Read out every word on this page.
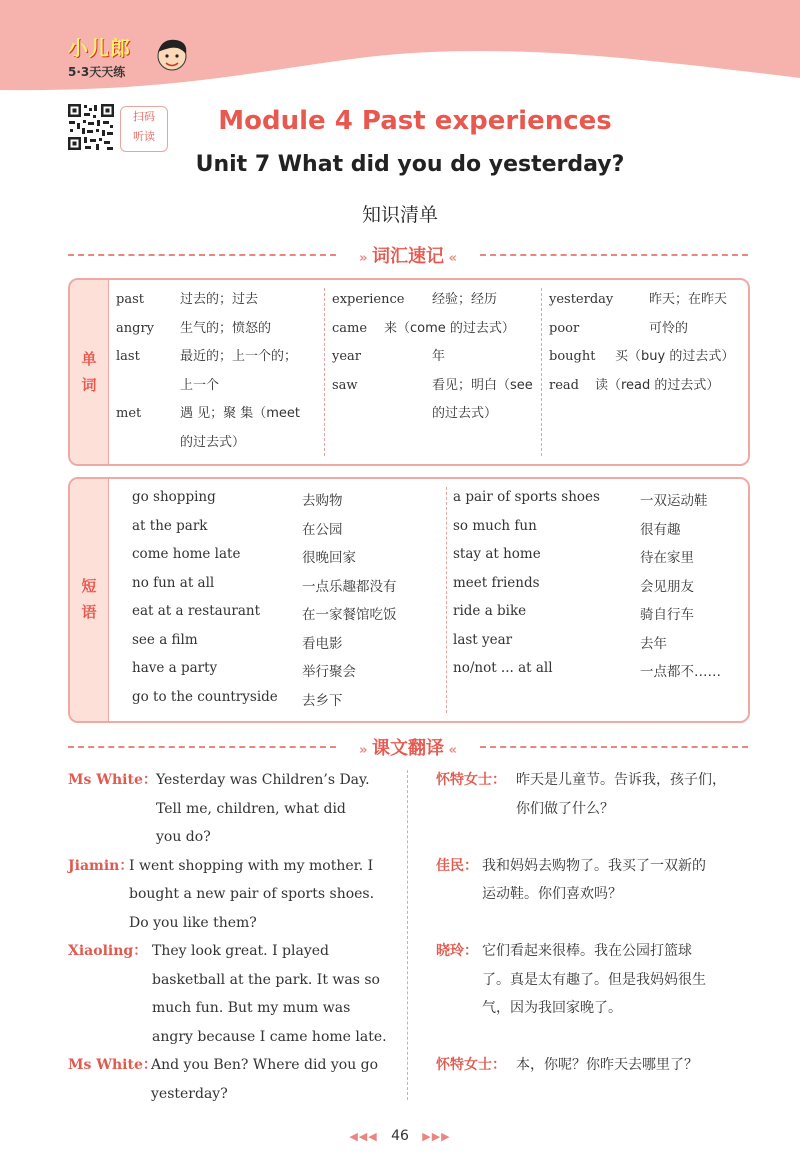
小儿郎
5·3天天练
扫码
听读
Module 4 Past experiences
Unit 7 What did you do yesterday?
知识清单
» 词汇速记 «
单
词
past	过去的；过去
angry 生气的；愤怒的
last	最近的；上一个的；
上一个
met	遇 见；聚 集（meet
的过去式）
experience 经验；经历
came 来（come 的过去式）
year	年
saw	看见；明白（see
的过去式）
yesterday	昨天；在昨天
poor	可怜的
bought 买（buy 的过去式）
read 读（read 的过去式）
短
语
go shopping	去购物
at the park	在公园
come home late	很晚回家
no fun at all	一点乐趣都没有
eat at a restaurant	在一家餐馆吃饭
see a film	看电影
have a party	举行聚会
go to the countryside 去乡下
a pair of sports shoes	一双运动鞋
so much fun	很有趣
stay at home	待在家里
meet friends	会见朋友
ride a bike	骑自行车
last year	去年
no/not ... at all	一点都不……
» 课文翻译 «
Ms White： Yesterday was Children’s Day.
Tell me, children, what did
you do?
Jiamin：
I went shopping with my mother. I
bought a new pair of sports shoes.
Do you like them?
Xiaoling： They look great. I played
basketball at the park. It was so
much fun. But my mum was
angry because I came home late.
Ms White：
And you Ben? Where did you go
yesterday?
怀特女士： 昨天是儿童节。告诉我，孩子们，
你们做了什么？
佳民： 我和妈妈去购物了。我买了一双新的
运动鞋。你们喜欢吗？
晓玲： 它们看起来很棒。我在公园打篮球
了。真是太有趣了。但是我妈妈很生
气，因为我回家晚了。
怀特女士： 本，你呢？你昨天去哪里了？
◀◀◀ 46 ▶▶▶
